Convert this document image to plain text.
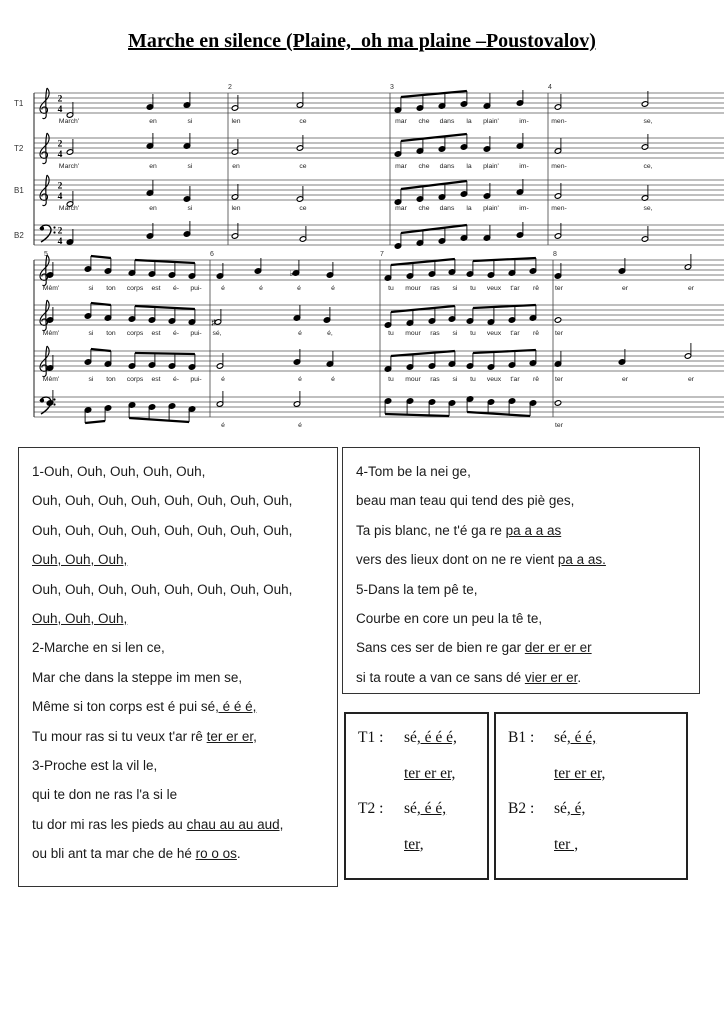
Marche en silence (Plaine,  oh ma plaine –Poustovalov)
2	3	4
T1	2
4
March'	en	si	len	ce	mar che dans la plain'	im-	men-	se,
T2	2
4
March'	en	si	en	ce	mar che dans la plain'	im-	men-	ce,
B1	2
4
March'	en	si	len	ce	mar che dans la plain'	im-	men-	se,
B2	2
4
5	6	7	8
♭
Mêm'	si ton corps est é- pui-	é	é	é	é	tu mour ras si tu veux t'ar rê ter	er	er
♯
Mêm'	si ton corps est é- pui- sé,	é	é,	tu mour ras si tu veux t'ar rê ter
Mêm'	si ton corps est é- pui-	é	é	é	tu mour ras si tu veux t'ar rê ter	er	er
é	é	ter
1-Ouh, Ouh, Ouh, Ouh, Ouh,
Ouh, Ouh, Ouh, Ouh, Ouh, Ouh, Ouh, Ouh,
Ouh, Ouh, Ouh, Ouh, Ouh, Ouh, Ouh, Ouh,
Ouh, Ouh, Ouh,
Ouh, Ouh, Ouh, Ouh, Ouh, Ouh, Ouh, Ouh,
Ouh, Ouh, Ouh,
2-Marche en si len ce,
Mar che dans la steppe im men se,
Même si ton corps est é pui sé, é é é,
Tu mour ras si tu veux t'ar rê ter er er,
3-Proche est la vil le,
qui te don ne ras l'a si le
tu dor mi ras les pieds au chau au au aud,
ou bli ant ta mar che de hé ro o os.
4-Tom be la nei ge,
beau man teau qui tend des piè ges,
Ta pis blanc, ne t'é ga re pa a a as
vers des lieux dont on ne re vient pa a as.
5-Dans la tem pê te,
Courbe en core un peu la tê te,
Sans ces ser de bien re gar der er er er
si ta route a van ce sans dé vier er er.
T1 : sé, é é é,
ter er er,
T2 : sé, é é,
ter,
B1 : sé, é é,
ter er er,
B2 : sé, é,
ter ,
